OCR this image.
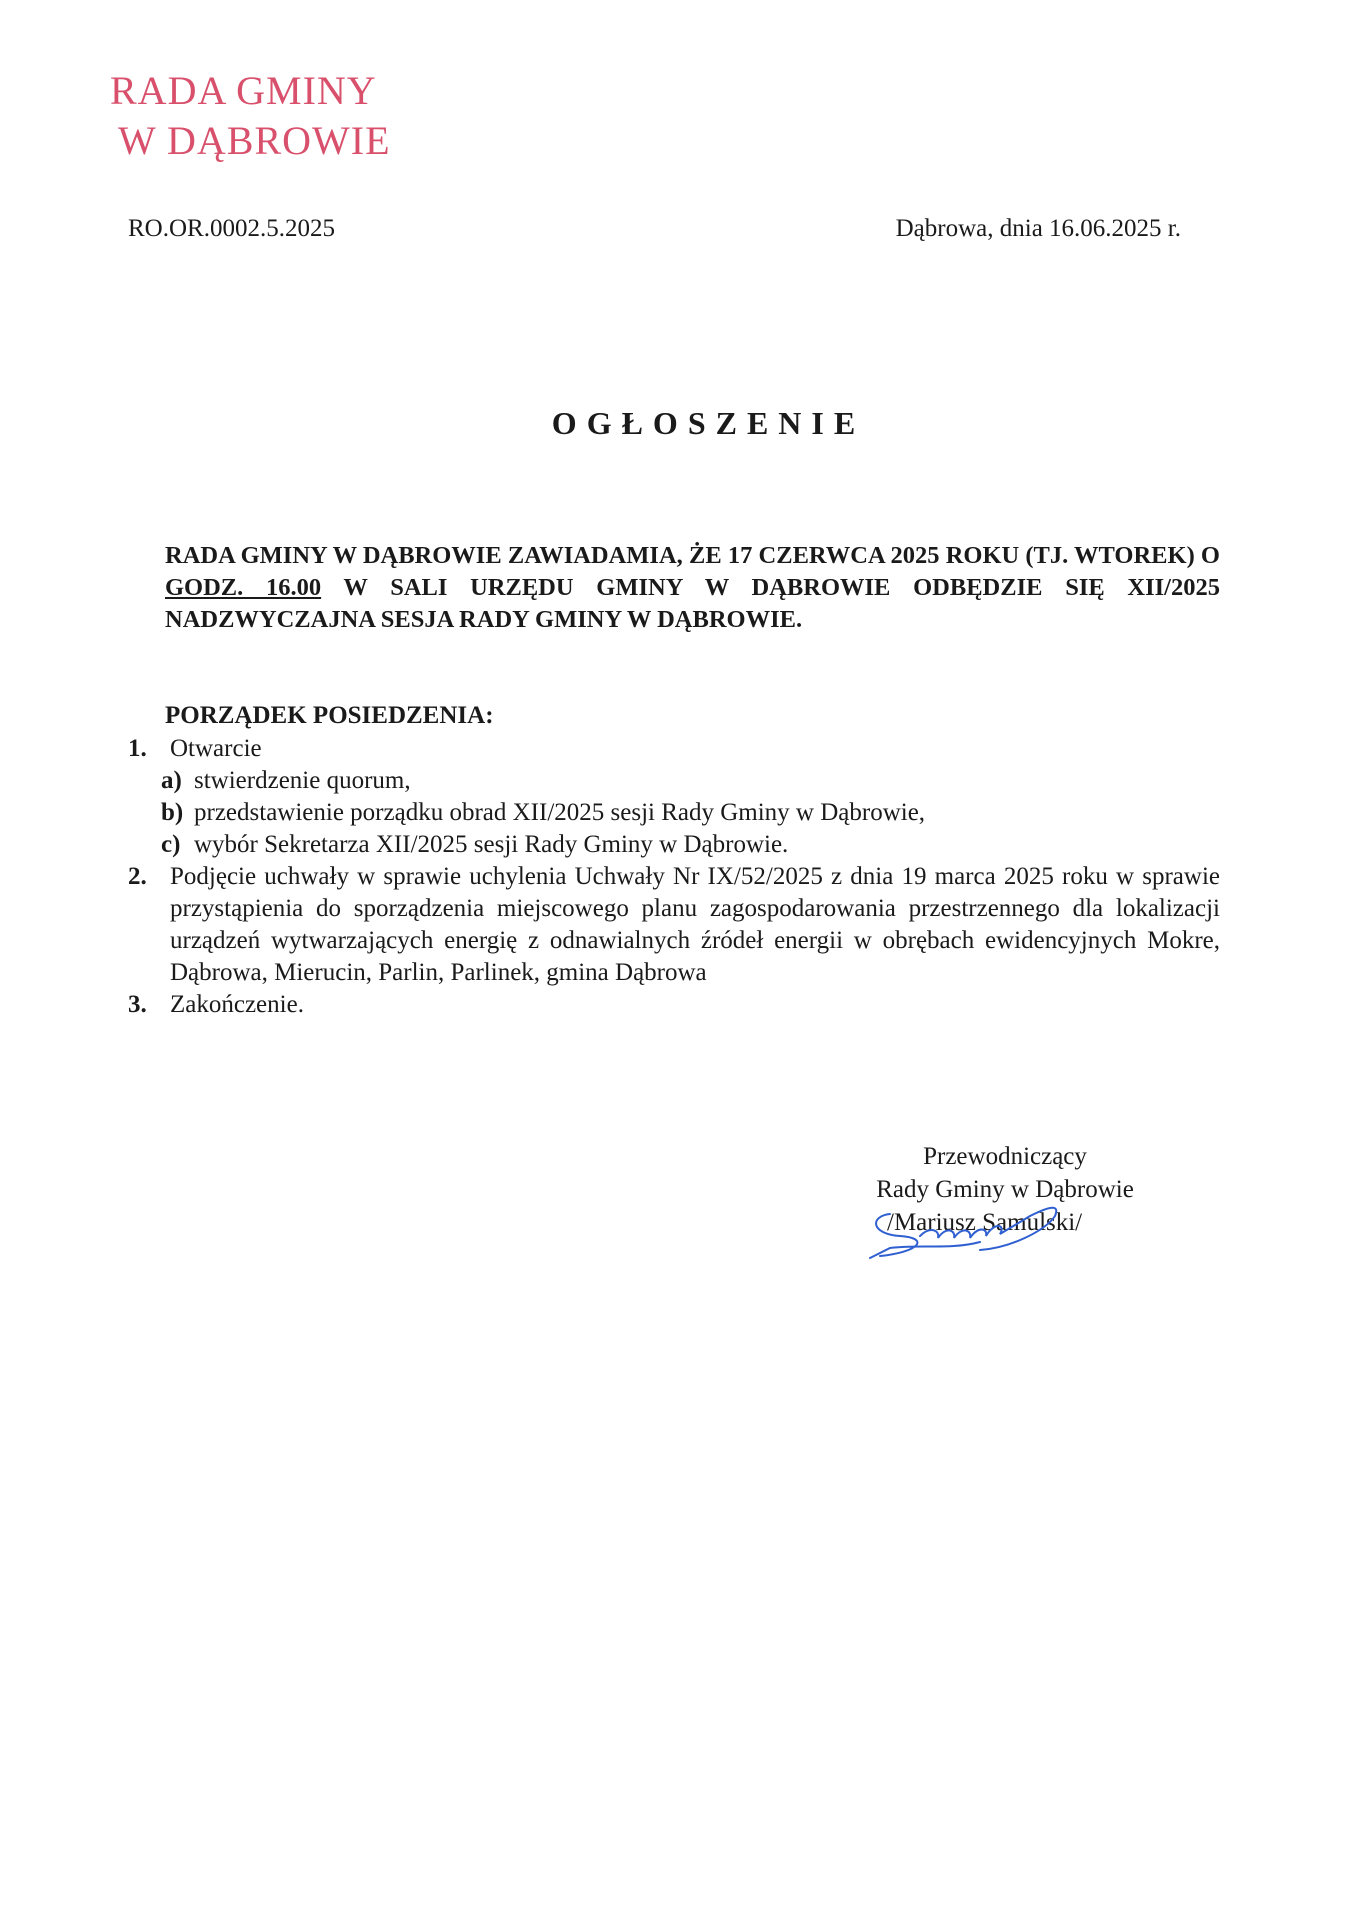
RADA GMINY
W DĄBROWIE
RO.OR.0002.5.2025	Dąbrowa, dnia 16.06.2025 r.
OGŁOSZENIE
RADA GMINY W DĄBROWIE ZAWIADAMIA, ŻE 17 CZERWCA 2025 ROKU (TJ. WTOREK) O GODZ. 16.00 W SALI URZĘDU GMINY W DĄBROWIE ODBĘDZIE SIĘ XII/2025 NADZWYCZAJNA SESJA RADY GMINY W DĄBROWIE.
PORZĄDEK POSIEDZENIA:
1. Otwarcie
a) stwierdzenie quorum,
b) przedstawienie porządku obrad XII/2025 sesji Rady Gminy w Dąbrowie,
c) wybór Sekretarza XII/2025 sesji Rady Gminy w Dąbrowie.
2. Podjęcie uchwały w sprawie uchylenia Uchwały Nr IX/52/2025 z dnia 19 marca 2025 roku w sprawie przystąpienia do sporządzenia miejscowego planu zagospodarowania przestrzennego dla lokalizacji urządzeń wytwarzających energię z odnawialnych źródeł energii w obrębach ewidencyjnych Mokre, Dąbrowa, Mierucin, Parlin, Parlinek, gmina Dąbrowa
3. Zakończenie.
Przewodniczący
Rady Gminy w Dąbrowie
/Mariusz Samulski/
